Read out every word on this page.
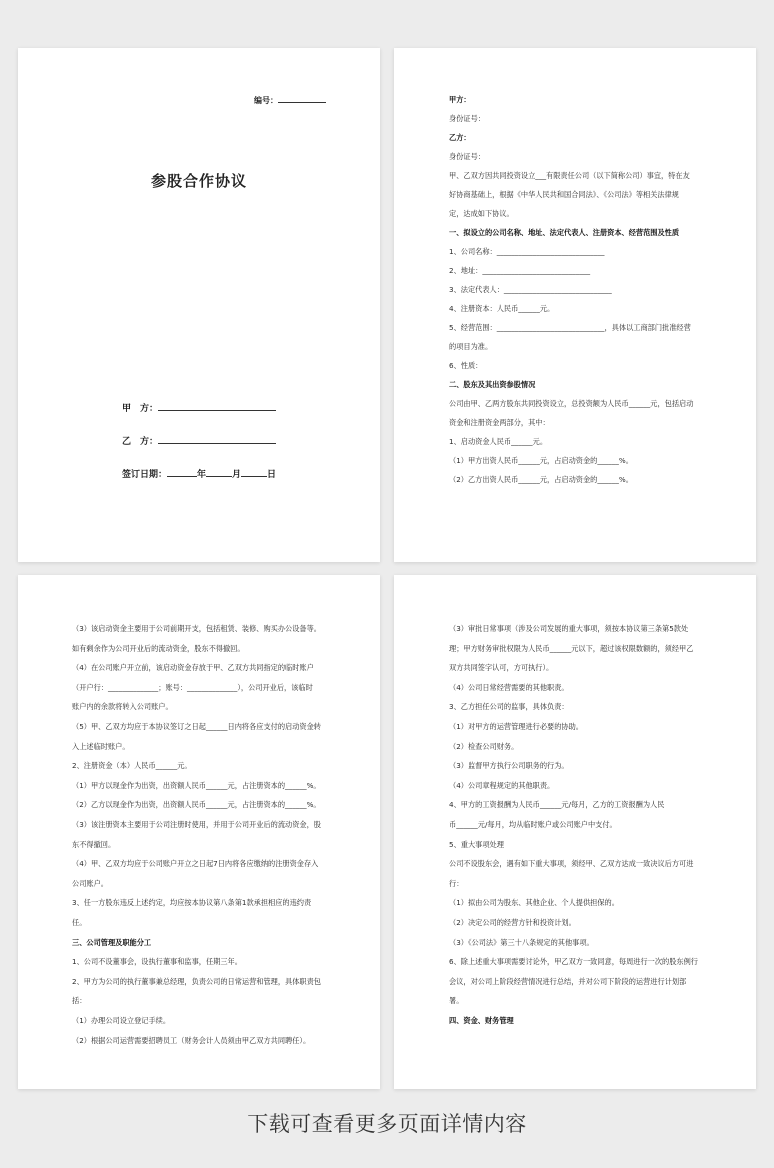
编号：
参股合作协议
甲　方：
乙　方：
签订日期：	年	月	日
甲方：
身份证号：
乙方：
身份证号：
甲、乙双方因共同投资设立___有限责任公司（以下简称公司）事宜，特在友
好协商基础上，根据《中华人民共和国合同法》、《公司法》等相关法律规
定，达成如下协议。
一、拟设立的公司名称、地址、法定代表人、注册资本、经营范围及性质
1、公司名称：______________________________
2、地址：______________________________
3、法定代表人：______________________________
4、注册资本：人民币______元。
5、经营范围：______________________________，具体以工商部门批准经营
的项目为准。
6、性质：
二、股东及其出资参股情况
公司由甲、乙两方股东共同投资设立，总投资额为人民币______元，包括启动
资金和注册资金两部分，其中：
1、启动资金人民币______元。
（1）甲方出资人民币______元，占启动资金的______%。
（2）乙方出资人民币______元，占启动资金的______%。
（3）该启动资金主要用于公司前期开支，包括租赁、装修、购买办公设备等。
如有剩余作为公司开业后的流动资金，股东不得撤回。
（4）在公司账户开立前，该启动资金存放于甲、乙双方共同指定的临时账户
（开户行：______________；账号：______________），公司开业后，该临时
账户内的余款将转入公司账户。
（5）甲、乙双方均应于本协议签订之日起______日内将各应支付的启动资金转
入上述临时账户。
2、注册资金（本）人民币______元。
（1）甲方以现金作为出资，出资额人民币______元，占注册资本的______%。
（2）乙方以现金作为出资，出资额人民币______元，占注册资本的______%。
（3）该注册资本主要用于公司注册时使用，并用于公司开业后的流动资金，股
东不得撤回。
（4）甲、乙双方均应于公司账户开立之日起7日内将各应缴纳的注册资金存入
公司账户。
3、任一方股东违反上述约定，均应按本协议第八条第1款承担相应的违约责
任。
三、公司管理及职能分工
1、公司不设董事会，设执行董事和监事，任期三年。
2、甲方为公司的执行董事兼总经理，负责公司的日常运营和管理，具体职责包
括：
（1）办理公司设立登记手续。
（2）根据公司运营需要招聘员工（财务会计人员须由甲乙双方共同聘任）。
（3）审批日常事项（涉及公司发展的重大事项，须按本协议第三条第5款处
理；甲方财务审批权限为人民币______元以下，超过该权限数额的，须经甲乙
双方共同签字认可，方可执行）。
（4）公司日常经营需要的其他职责。
3、乙方担任公司的监事，具体负责：
（1）对甲方的运营管理进行必要的协助。
（2）检查公司财务。
（3）监督甲方执行公司职务的行为。
（4）公司章程规定的其他职责。
4、甲方的工资报酬为人民币______元/每月，乙方的工资报酬为人民
币______元/每月，均从临时账户或公司账户中支付。
5、重大事项处理
公司不设股东会，遇有如下重大事项，须经甲、乙双方达成一致决议后方可进
行：
（1）拟由公司为股东、其他企业、个人提供担保的。
（2）决定公司的经营方针和投资计划。
（3）《公司法》第三十八条规定的其他事项。
6、除上述重大事项需要讨论外，甲乙双方一致同意，每周进行一次的股东例行
会议，对公司上阶段经营情况进行总结，并对公司下阶段的运营进行计划部
署。
四、资金、财务管理
下载可查看更多页面详情内容
